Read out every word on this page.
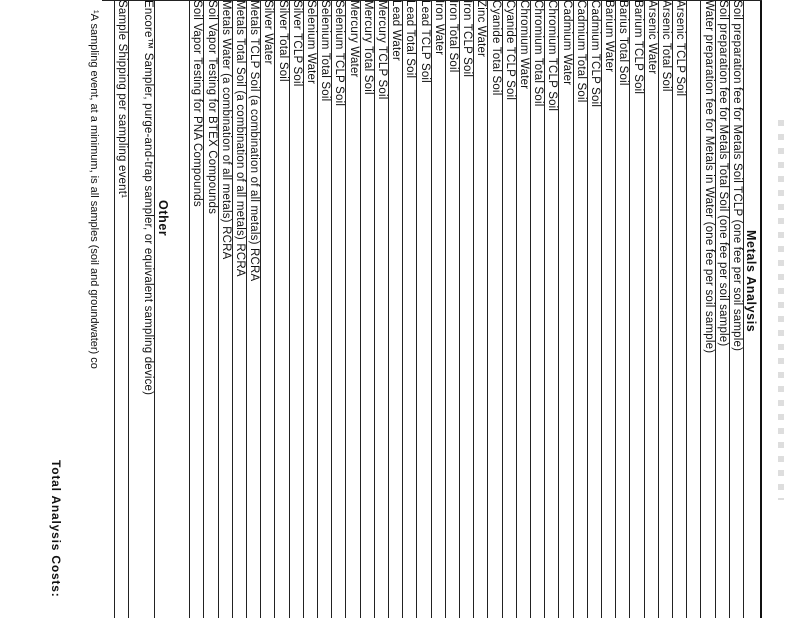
Metals Analysis
Soil preparation fee for Metals Soil TCLP (one fee per soil sample)
Soil preparation fee for Metals Total Soil (one fee per soil sample)
Water preparation fee for Metals in Water (one fee per soil sample)
Arsenic TCLP Soil
Arsenic Total Soil
Arsenic Water
Barium TCLP Soil
Barius Total Soil
Barium Water
Cadmium TCLP Soil
Cadmium Total Soil
Cadmium Water
Chromium TCLP Soil
Chromium Total Soil
Chromium Water
Cyanide TCLP Soil
Cyanide Total Soil
Zinc Water
Iron TCLP Soil
Iron Total Soil
Iron Water
Lead TCLP Soil
Lead Total Soil
Lead Water
Mercury TCLP Soil
Mercury Total Soil
Mercury Water
Selenium TCLP Soil
Selenium Total Soil
Selenium Water
Silver TCLP Soil
Silver Total Soil
Silver Water
Metals TCLP Soil (a combination of all metals) RCRA
Metals Total Soil (a combination of all metals) RCRA
Metals Water (a combination of all metals) RCRA
Soil Vapor Testing for BTEX Compounds
Soil Vapor Testing for PNA Compounds
Other
Encore™ Sampler, purge-and-trap sampler, or equivalent sampling device)
Sample Shipping per sampling event¹
¹A sampling event, at a minimum, is all samples (soil and groundwater) co
Total Analysis Costs:
